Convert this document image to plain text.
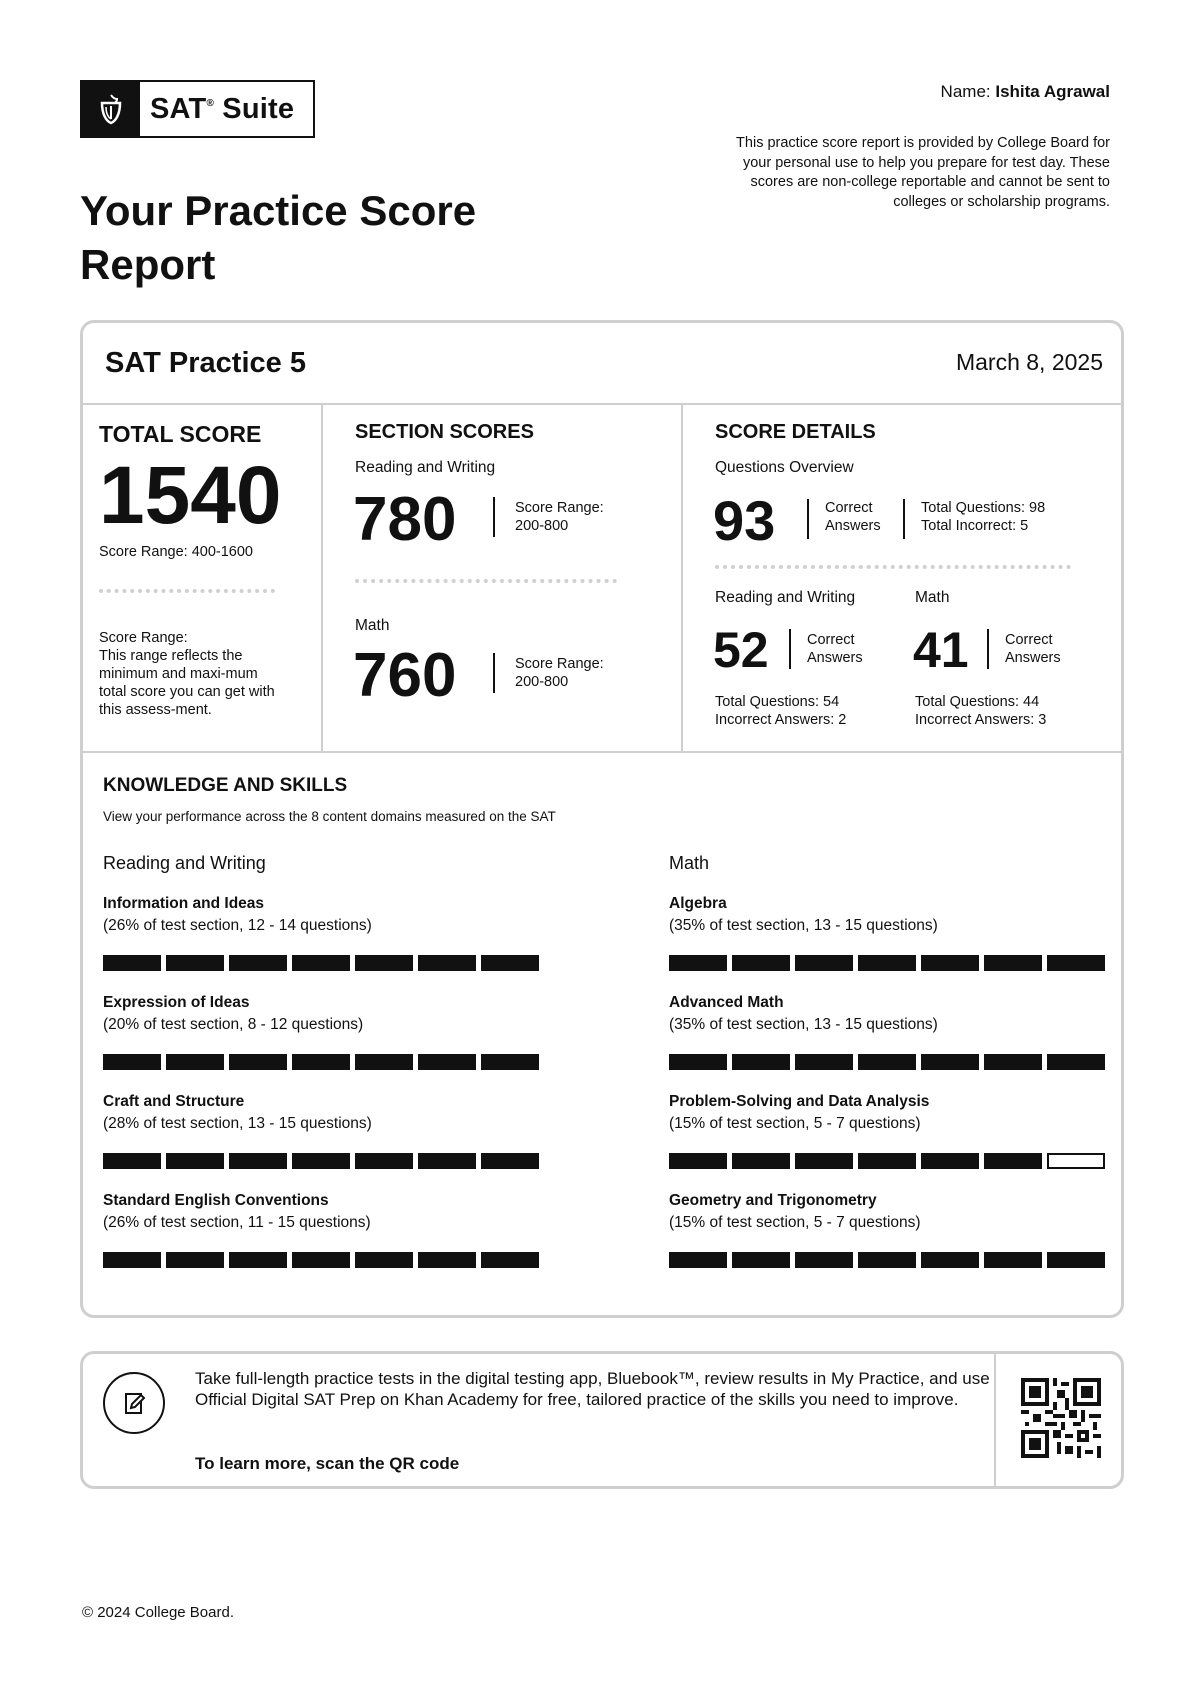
SAT®
Suite
Name: Ishita Agrawal
This practice score report is provided by College Board for your personal use to help you prepare for test day. These scores are non-college reportable and cannot be sent to colleges or scholarship programs.
Your Practice Score Report
SAT Practice 5	March 8, 2025
TOTAL SCORE
1540
Score Range: 400-1600
Score Range:
This range reflects the minimum and maxi-mum total score you can get with this assess-ment.
SECTION SCORES
Reading and Writing
780	Score Range:
200-800
Math
760	Score Range:
200-800
SCORE DETAILS
Questions Overview
93	Correct
Answers
Total Questions: 98
Total Incorrect: 5
Reading and Writing
52	Correct
Answers
Total Questions: 54
Incorrect Answers: 2
Math
41	Correct
Answers
Total Questions: 44
Incorrect Answers: 3
KNOWLEDGE AND SKILLS
View your performance across the 8 content domains measured on the SAT
Reading and Writing	Math
Information and Ideas
(26% of test section, 12 - 14 questions)
Expression of Ideas
(20% of test section, 8 - 12 questions)
Craft and Structure
(28% of test section, 13 - 15 questions)
Standard English Conventions
(26% of test section, 11 - 15 questions)
Algebra
(35% of test section, 13 - 15 questions)
Advanced Math
(35% of test section, 13 - 15 questions)
Problem-Solving and Data Analysis
(15% of test section, 5 - 7 questions)
Geometry and Trigonometry
(15% of test section, 5 - 7 questions)
Take full-length practice tests in the digital testing app, Bluebook™, review results in My Practice, and use Official Digital SAT Prep on Khan Academy for free, tailored practice of the skills you need to improve.
To learn more, scan the QR code
© 2024 College Board.
